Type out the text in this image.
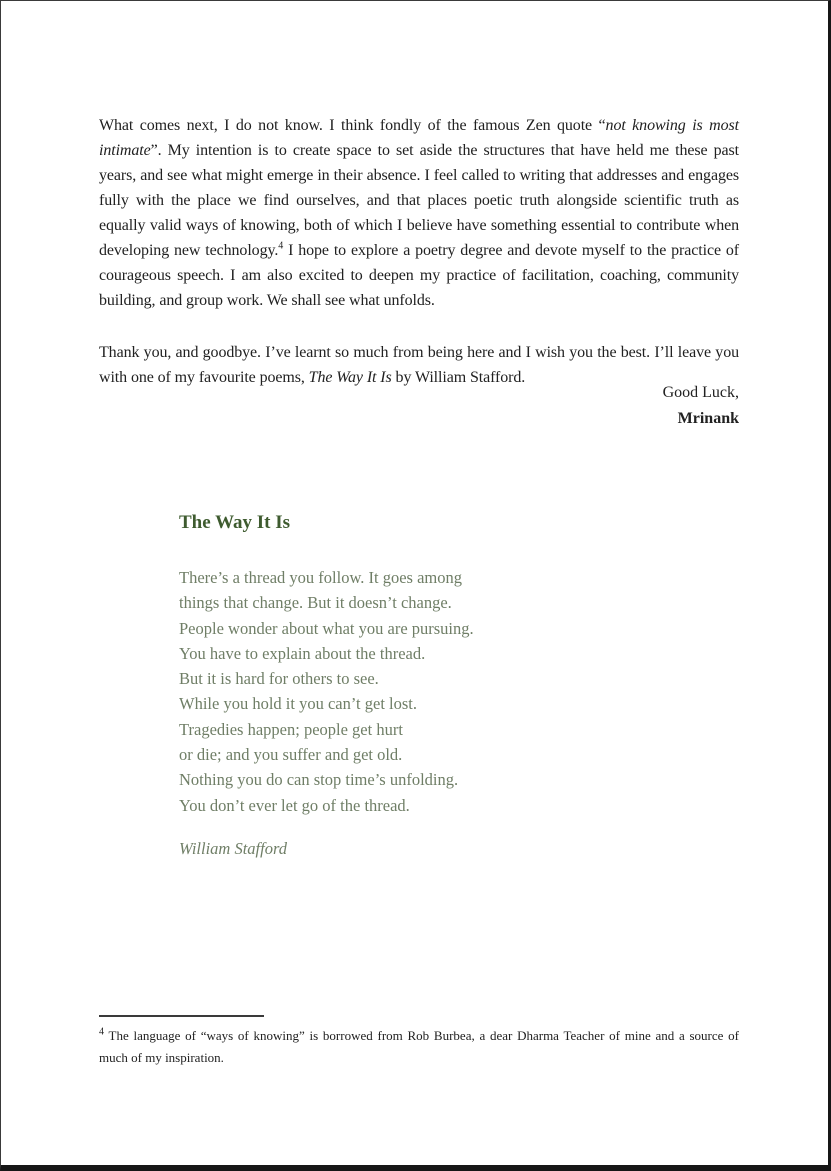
What comes next, I do not know. I think fondly of the famous Zen quote “not knowing is most intimate”. My intention is to create space to set aside the structures that have held me these past years, and see what might emerge in their absence. I feel called to writing that addresses and engages fully with the place we find ourselves, and that places poetic truth alongside scientific truth as equally valid ways of knowing, both of which I believe have something essential to contribute when developing new technology.$^4$ I hope to explore a poetry degree and devote myself to the practice of courageous speech. I am also excited to deepen my practice of facilitation, coaching, community building, and group work. We shall see what unfolds.

Thank you, and goodbye. I’ve learnt so much from being here and I wish you the best. I’ll leave you with one of my favourite poems, The Way It Is by William Stafford.

Good Luck,
Mrinank
The Way It Is
There’s a thread you follow. It goes among
things that change. But it doesn’t change.
People wonder about what you are pursuing.
You have to explain about the thread.
But it is hard for others to see.
While you hold it you can’t get lost.
Tragedies happen; people get hurt
or die; and you suffer and get old.
Nothing you do can stop time’s unfolding.
You don’t ever let go of the thread.
William Stafford
$^4$ The language of “ways of knowing” is borrowed from Rob Burbea, a dear Dharma Teacher of mine and a source of much of my inspiration.
